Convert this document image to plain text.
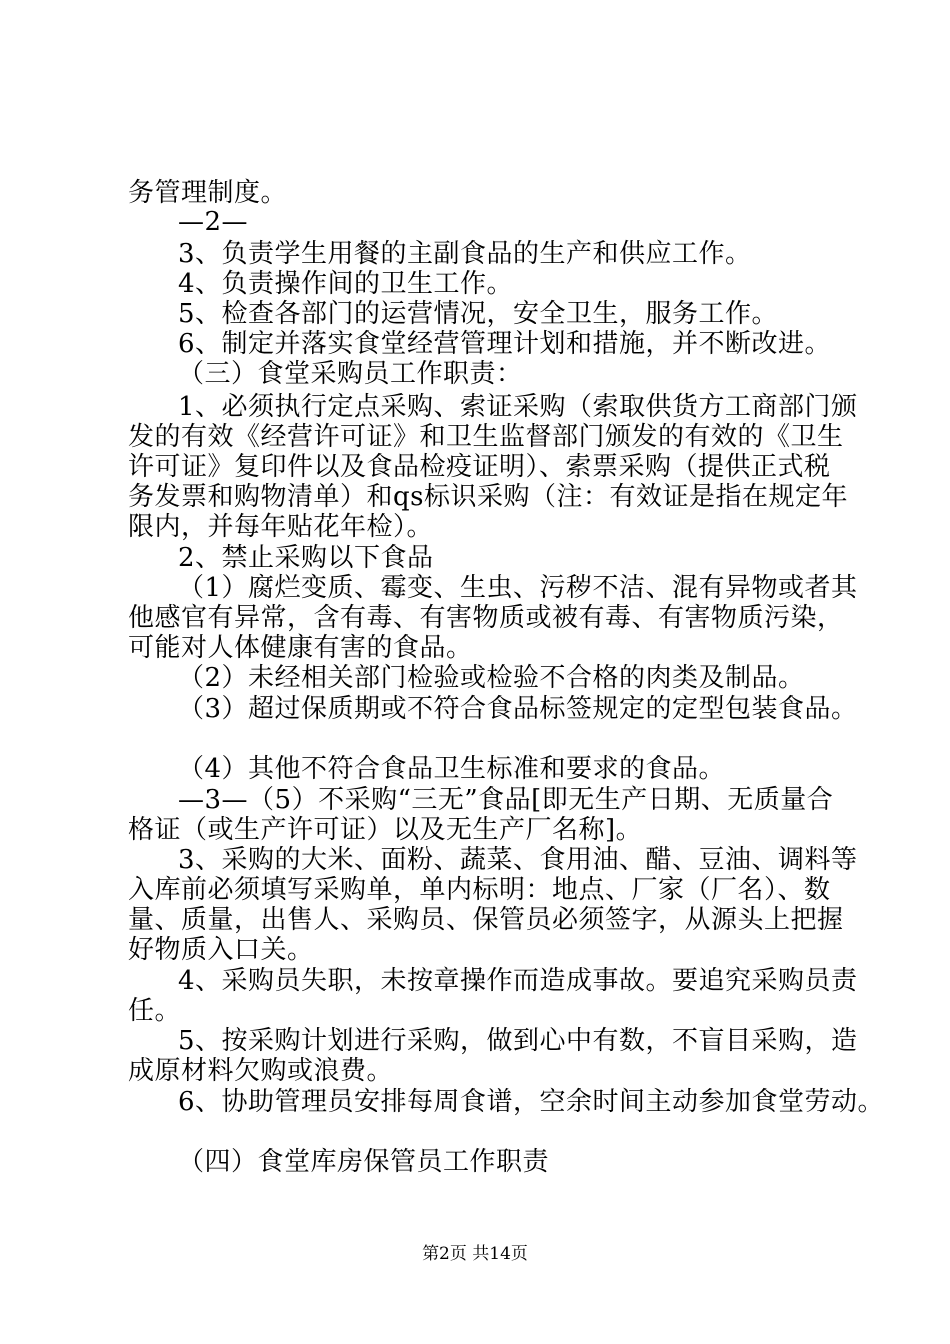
务管理制度。
—2—
3、负责学生用餐的主副食品的生产和供应工作。
4、负责操作间的卫生工作。
5、检查各部门的运营情况，安全卫生，服务工作。
6、制定并落实食堂经营管理计划和措施，并不断改进。
（三）食堂采购员工作职责：
1、必须执行定点采购、索证采购（索取供货方工商部门颁
发的有效《经营许可证》和卫生监督部门颁发的有效的《卫生
许可证》复印件以及食品检疫证明）、索票采购（提供正式税
务发票和购物清单）和qs标识采购（注：有效证是指在规定年
限内，并每年贴花年检）。
2、禁止采购以下食品
（1）腐烂变质、霉变、生虫、污秽不洁、混有异物或者其
他感官有异常，含有毒、有害物质或被有毒、有害物质污染，
可能对人体健康有害的食品。
（2）未经相关部门检验或检验不合格的肉类及制品。
（3）超过保质期或不符合食品标签规定的定型包装食品。
（4）其他不符合食品卫生标准和要求的食品。
—3—（5）不采购“三无”食品[即无生产日期、无质量合
格证（或生产许可证）以及无生产厂名称]。
3、采购的大米、面粉、蔬菜、食用油、醋、豆油、调料等
入库前必须填写采购单，单内标明：地点、厂家（厂名）、数
量、质量，出售人、采购员、保管员必须签字，从源头上把握
好物质入口关。
4、采购员失职，未按章操作而造成事故。要追究采购员责
任。
5、按采购计划进行采购，做到心中有数，不盲目采购，造
成原材料欠购或浪费。
6、协助管理员安排每周食谱，空余时间主动参加食堂劳动。
（四）食堂库房保管员工作职责
第2页 共14页
